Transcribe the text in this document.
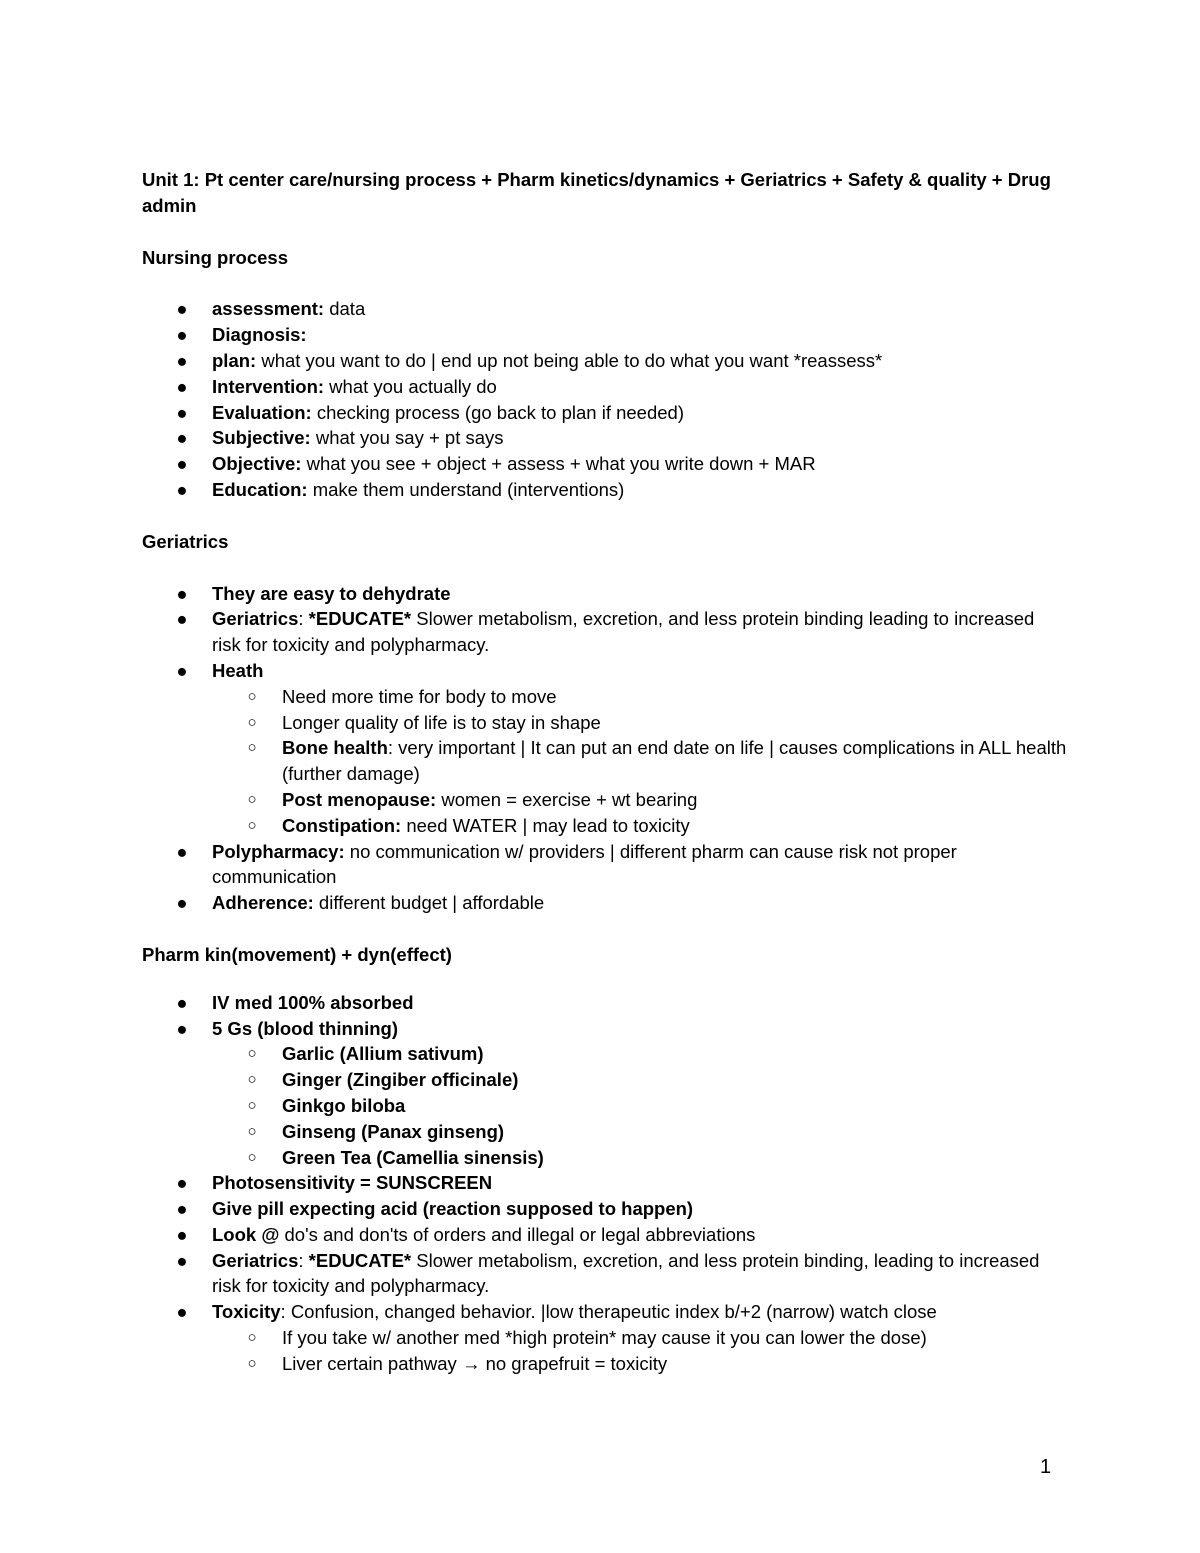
Unit 1: Pt center care/nursing process + Pharm kinetics/dynamics + Geriatrics + Safety & quality + Drug admin

Nursing process

● assessment: data
● Diagnosis:
● plan: what you want to do | end up not being able to do what you want *reassess*
● Intervention: what you actually do
● Evaluation: checking process (go back to plan if needed)
● Subjective: what you say + pt says
● Objective: what you see + object + assess + what you write down + MAR
● Education: make them understand (interventions)

Geriatrics

● They are easy to dehydrate
● Geriatrics: *EDUCATE* Slower metabolism, excretion, and less protein binding leading to increased risk for toxicity and polypharmacy.
● Heath
○ Need more time for body to move
○ Longer quality of life is to stay in shape
○ Bone health: very important | It can put an end date on life | causes complications in ALL health (further damage)
○ Post menopause: women = exercise + wt bearing
○ Constipation: need WATER | may lead to toxicity
● Polypharmacy: no communication w/ providers | different pharm can cause risk not proper communication
● Adherence: different budget | affordable

Pharm kin(movement) + dyn(effect)

● IV med 100% absorbed
● 5 Gs (blood thinning)
○ Garlic (Allium sativum)
○ Ginger (Zingiber officinale)
○ Ginkgo biloba
○ Ginseng (Panax ginseng)
○ Green Tea (Camellia sinensis)
● Photosensitivity = SUNSCREEN
● Give pill expecting acid (reaction supposed to happen)
● Look @ do's and don'ts of orders and illegal or legal abbreviations
● Geriatrics: *EDUCATE* Slower metabolism, excretion, and less protein binding, leading to increased risk for toxicity and polypharmacy.
● Toxicity: Confusion, changed behavior. |low therapeutic index b/+2 (narrow) watch close
○ If you take w/ another med *high protein* may cause it you can lower the dose)
○ Liver certain pathway → no grapefruit = toxicity
1
